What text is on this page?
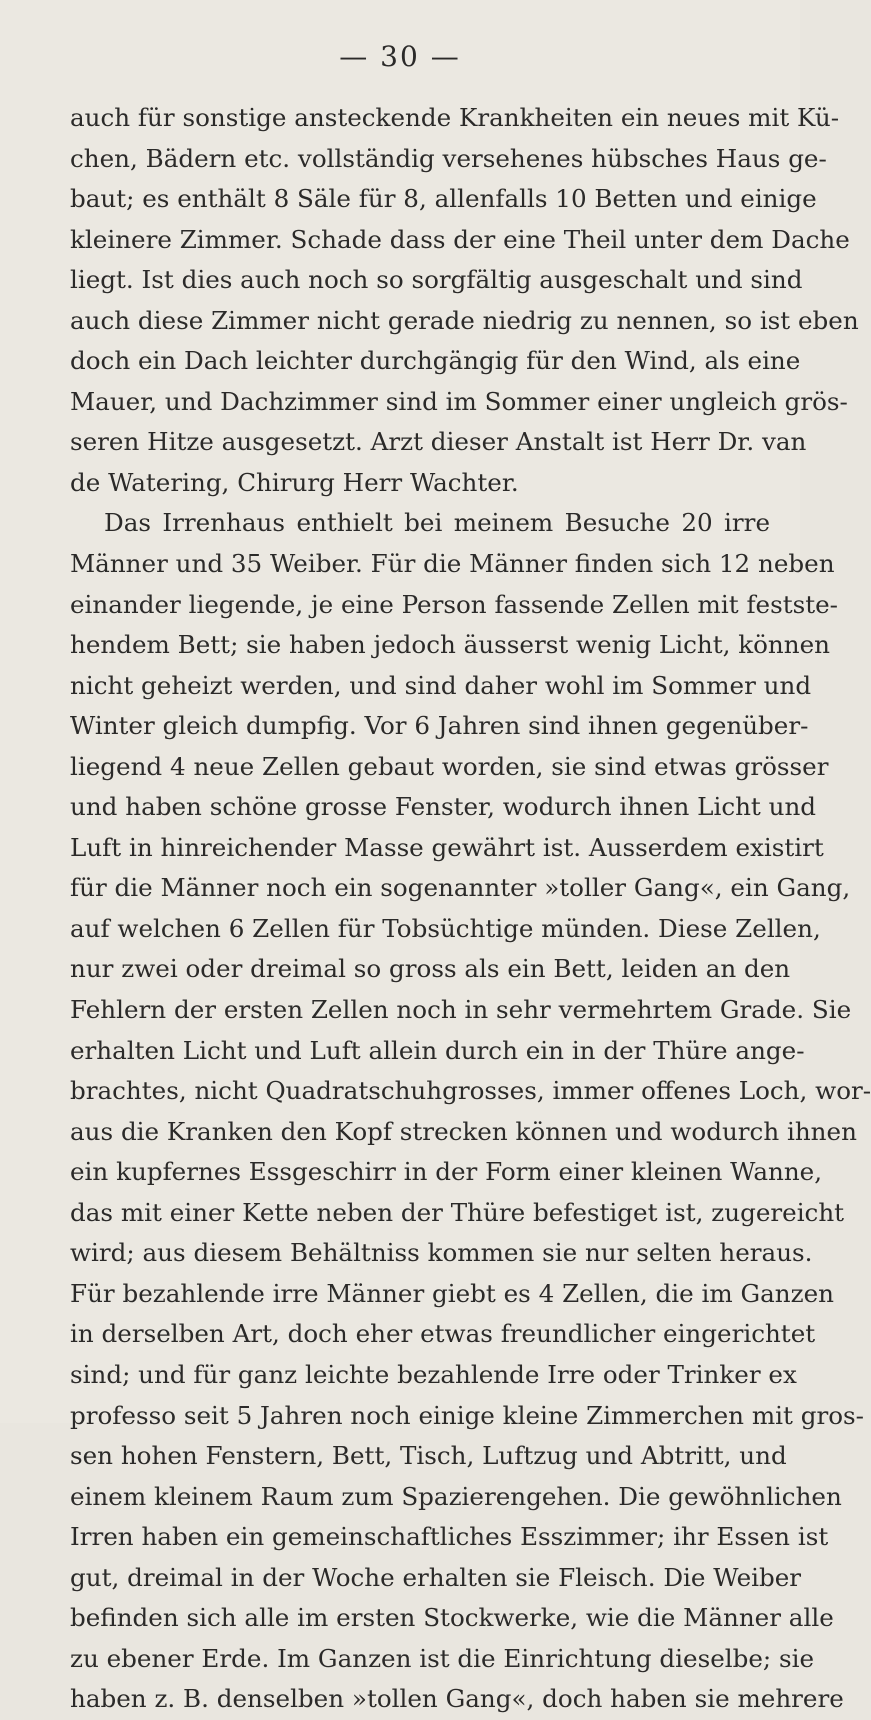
— 30 —
auch für sonstige ansteckende Krankheiten ein neues mit Kü-
chen, Bädern etc. vollständig versehenes hübsches Haus ge-
baut; es enthält 8 Säle für 8, allenfalls 10 Betten und einige
kleinere Zimmer. Schade dass der eine Theil unter dem Dache
liegt. Ist dies auch noch so sorgfältig ausgeschalt und sind
auch diese Zimmer nicht gerade niedrig zu nennen, so ist eben
doch ein Dach leichter durchgängig für den Wind, als eine
Mauer, und Dachzimmer sind im Sommer einer ungleich grös-
seren Hitze ausgesetzt. Arzt dieser Anstalt ist Herr Dr. van
de Watering, Chirurg Herr Wachter.
Das Irrenhaus enthielt bei meinem Besuche 20 irre
Männer und 35 Weiber. Für die Männer finden sich 12 neben
einander liegende, je eine Person fassende Zellen mit festste-
hendem Bett; sie haben jedoch äusserst wenig Licht, können
nicht geheizt werden, und sind daher wohl im Sommer und
Winter gleich dumpfig. Vor 6 Jahren sind ihnen gegenüber-
liegend 4 neue Zellen gebaut worden, sie sind etwas grösser
und haben schöne grosse Fenster, wodurch ihnen Licht und
Luft in hinreichender Masse gewährt ist. Ausserdem existirt
für die Männer noch ein sogenannter »toller Gang«, ein Gang,
auf welchen 6 Zellen für Tobsüchtige münden. Diese Zellen,
nur zwei oder dreimal so gross als ein Bett, leiden an den
Fehlern der ersten Zellen noch in sehr vermehrtem Grade. Sie
erhalten Licht und Luft allein durch ein in der Thüre ange-
brachtes, nicht Quadratschuhgrosses, immer offenes Loch, wor-
aus die Kranken den Kopf strecken können und wodurch ihnen
ein kupfernes Essgeschirr in der Form einer kleinen Wanne,
das mit einer Kette neben der Thüre befestiget ist, zugereicht
wird; aus diesem Behältniss kommen sie nur selten heraus.
Für bezahlende irre Männer giebt es 4 Zellen, die im Ganzen
in derselben Art, doch eher etwas freundlicher eingerichtet
sind; und für ganz leichte bezahlende Irre oder Trinker ex
professo seit 5 Jahren noch einige kleine Zimmerchen mit gros-
sen hohen Fenstern, Bett, Tisch, Luftzug und Abtritt, und
einem kleinem Raum zum Spazierengehen. Die gewöhnlichen
Irren haben ein gemeinschaftliches Esszimmer; ihr Essen ist
gut, dreimal in der Woche erhalten sie Fleisch. Die Weiber
befinden sich alle im ersten Stockwerke, wie die Männer alle
zu ebener Erde. Im Ganzen ist die Einrichtung dieselbe; sie
haben z. B. denselben »tollen Gang«, doch haben sie mehrere
